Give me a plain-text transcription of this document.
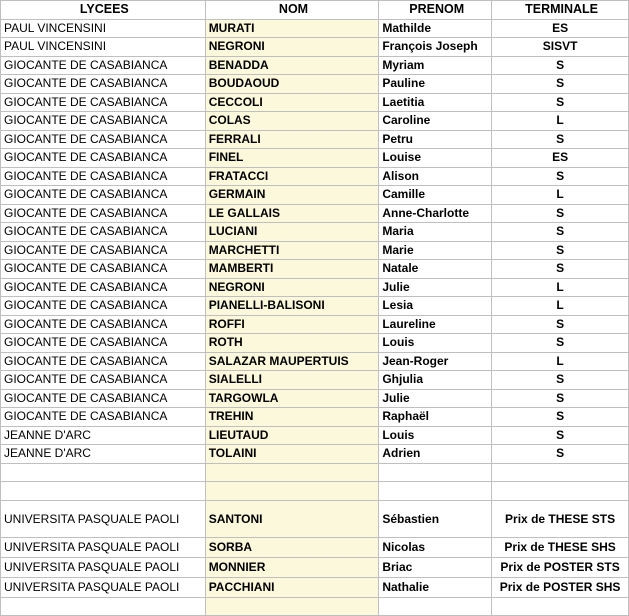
LYCEES	NOM	PRENOM	TERMINALE
PAUL VINCENSINI	MURATI	Mathilde	ES
PAUL VINCENSINI	NEGRONI	François Joseph	SISVT
GIOCANTE DE CASABIANCA	BENADDA	Myriam	S
GIOCANTE DE CASABIANCA	BOUDAOUD	Pauline	S
GIOCANTE DE CASABIANCA	CECCOLI	Laetitia	S
GIOCANTE DE CASABIANCA	COLAS	Caroline	L
GIOCANTE DE CASABIANCA	FERRALI	Petru	S
GIOCANTE DE CASABIANCA	FINEL	Louise	ES
GIOCANTE DE CASABIANCA	FRATACCI	Alison	S
GIOCANTE DE CASABIANCA	GERMAIN	Camille	L
GIOCANTE DE CASABIANCA	LE GALLAIS	Anne-Charlotte	S
GIOCANTE DE CASABIANCA	LUCIANI	Maria	S
GIOCANTE DE CASABIANCA	MARCHETTI	Marie	S
GIOCANTE DE CASABIANCA	MAMBERTI	Natale	S
GIOCANTE DE CASABIANCA	NEGRONI	Julie	L
GIOCANTE DE CASABIANCA	PIANELLI-BALISONI	Lesia	L
GIOCANTE DE CASABIANCA	ROFFI	Laureline	S
GIOCANTE DE CASABIANCA	ROTH	Louis	S
GIOCANTE DE CASABIANCA	SALAZAR MAUPERTUIS	Jean-Roger	L
GIOCANTE DE CASABIANCA	SIALELLI	Ghjulia	S
GIOCANTE DE CASABIANCA	TARGOWLA	Julie	S
GIOCANTE DE CASABIANCA	TREHIN	Raphaël	S
JEANNE D'ARC	LIEUTAUD	Louis	S
JEANNE D'ARC	TOLAINI	Adrien	S

UNIVERSITA PASQUALE PAOLI	SANTONI	Sébastien	Prix de THESE STS
UNIVERSITA PASQUALE PAOLI	SORBA	Nicolas	Prix de THESE SHS
UNIVERSITA PASQUALE PAOLI	MONNIER	Briac	Prix de POSTER STS
UNIVERSITA PASQUALE PAOLI	PACCHIANI	Nathalie	Prix de POSTER SHS
